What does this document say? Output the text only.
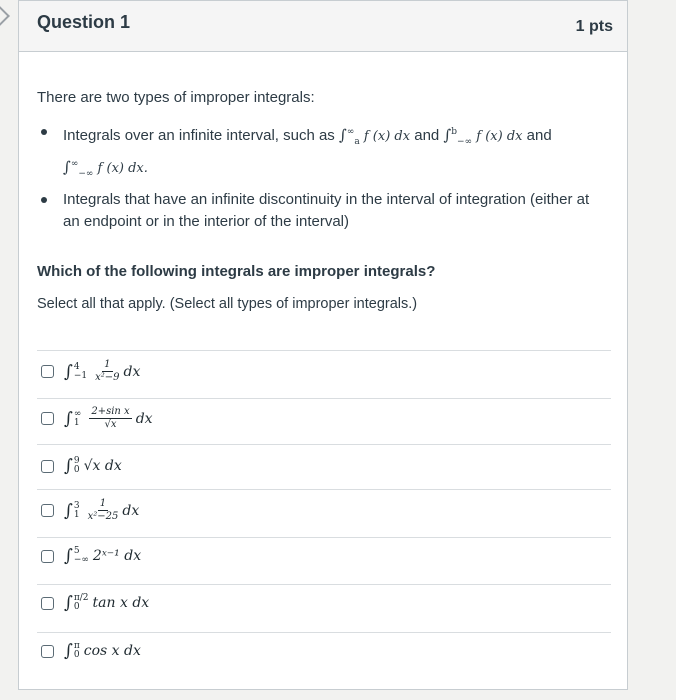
Question 1	1 pts
There are two types of improper integrals:
Integrals over an infinite interval, such as $\int^\infty_a$ f (x) dx and ∫$^b_{-\infty}$ f (x) dx and
$\int^\infty_{-\infty}$ f (x) dx.
Integrals that have an infinite discontinuity in the interval of integration (either at an endpoint or in the interior of the interval)
Which of the following integrals are improper integrals?
Select all that apply. (Select all types of improper integrals.)
∫ 4
$-1 \frac{1}{\text{x²−9}}$ dx
∫ ∞
$1 \frac{\text{2+sin x}}{√x}$ dx
∫ 9
0 √x dx
∫ 3
$1 \frac{1}{\text{x²−25}}$ dx
∫ 5
−∞ 2ˣ⁻¹ dx
∫ π/2
0 tan x dx
∫ π
0 cos x dx
